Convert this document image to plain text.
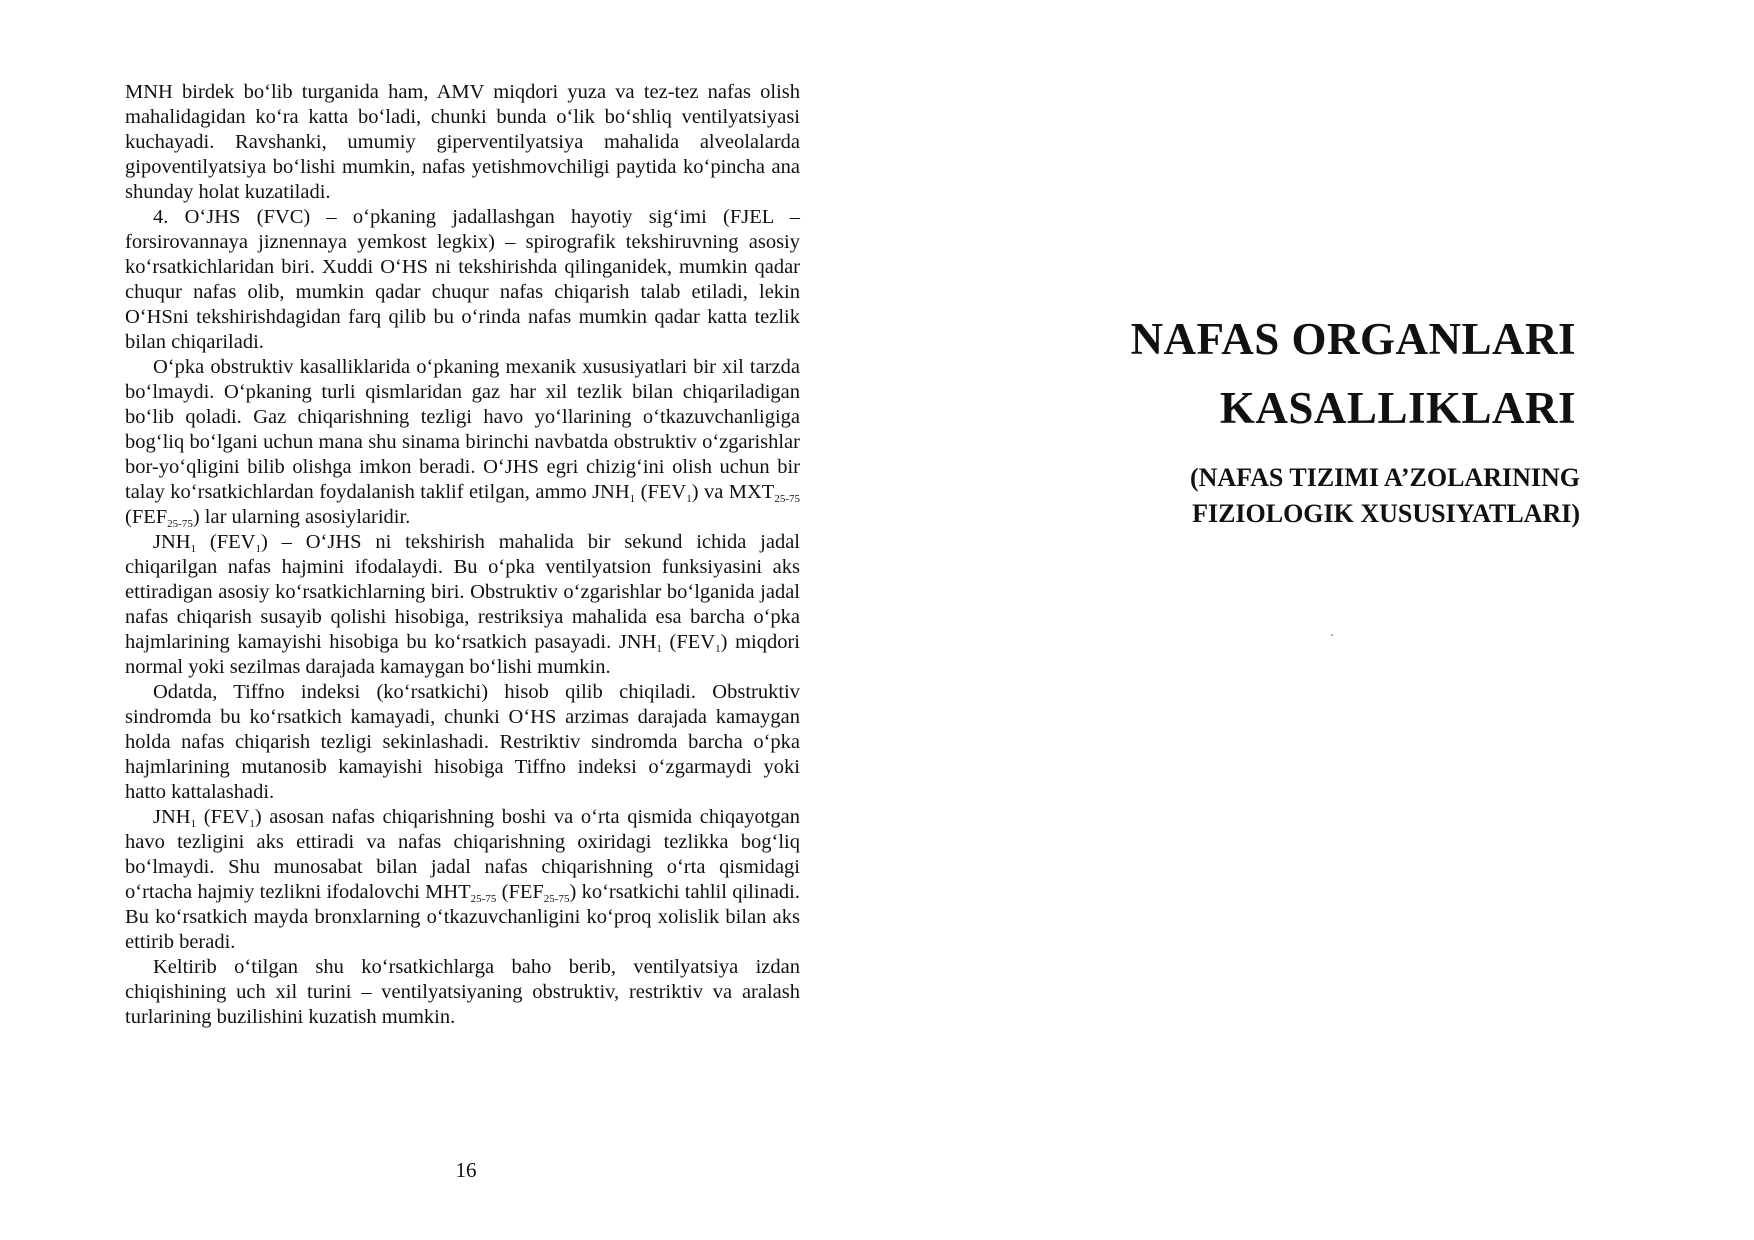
MNH birdek bo‘lib turganida ham, AMV miqdori yuza va tez-tez nafas olish mahalidagidan ko‘ra katta bo‘ladi, chunki bunda o‘lik bo‘shliq ventilyatsiyasi kuchayadi. Ravshanki, umumiy giperventilyatsiya mahalida alveolalarda gipoventilyatsiya bo‘lishi mumkin, nafas yetishmovchiligi paytida ko‘pincha ana shunday holat kuzatiladi.

4. O‘JHS (FVC) – o‘pkaning jadallashgan hayotiy sig‘imi (FJEL – forsirovannaya jiznennaya yemkost legkix) – spirografik tekshiruvning asosiy ko‘rsatkichlaridan biri. Xuddi O‘HS ni tekshirishda qilinganidek, mumkin qadar chuqur nafas olib, mumkin qadar chuqur nafas chiqarish talab etiladi, lekin O‘HSni tekshirishdagidan farq qilib bu o‘rinda nafas mumkin qadar katta tezlik bilan chiqariladi.

O‘pka obstruktiv kasalliklarida o‘pkaning mexanik xususiyatlari bir xil tarzda bo‘lmaydi. O‘pkaning turli qismlaridan gaz har xil tezlik bilan chiqariladigan bo‘lib qoladi. Gaz chiqarishning tezligi havo yo‘llarining o‘tkazuvchanligiga bog‘liq bo‘lgani uchun mana shu sinama birinchi navbatda obstruktiv o‘zgarishlar bor-yo‘qligini bilib olishga imkon beradi. O‘JHS egri chizig‘ini olish uchun bir talay ko‘rsatkichlardan foydalanish taklif etilgan, ammo $JNH_1$ $(FEV_1)$ va $MXT_{25-75}$ $(FEF_{25-75})$ lar ularning asosiylaridir.

$JNH_1$ $(FEV_1)$ – O‘JHS ni tekshirish mahalida bir sekund ichida jadal chiqarilgan nafas hajmini ifodalaydi. Bu o‘pka ventilyatsion funksiyasini aks ettiradigan asosiy ko‘rsatkichlarning biri. Obstruktiv o‘zgarishlar bo‘lganida jadal nafas chiqarish susayib qolishi hisobiga, restriksiya mahalida esa barcha o‘pka hajmlarining kamayishi hisobiga bu ko‘rsatkich pasayadi. $JNH_1$ $(FEV_1)$ miqdori normal yoki sezilmas darajada kamaygan bo‘lishi mumkin.

Odatda, Tiffno indeksi (ko‘rsatkichi) hisob qilib chiqiladi. Obstruktiv sindromda bu ko‘rsatkich kamayadi, chunki O‘HS arzimas darajada kamaygan holda nafas chiqarish tezligi sekinlashadi. Restriktiv sindromda barcha o‘pka hajmlarining mutanosib kamayishi hisobiga Tiffno indeksi o‘zgarmaydi yoki hatto kattalashadi.

$JNH_1$ $(FEV_1)$ asosan nafas chiqarishning boshi va o‘rta qismida chiqayotgan havo tezligini aks ettiradi va nafas chiqarishning oxiridagi tezlikka bog‘liq bo‘lmaydi. Shu munosabat bilan jadal nafas chiqarishning o‘rta qismidagi o‘rtacha hajmiy tezlikni ifodalovchi $MHT_{25-75}$ $(FEF_{25-75})$ ko‘rsatkichi tahlil qilinadi. Bu ko‘rsatkich mayda bronxlarning o‘tkazuvchanligini ko‘proq xolislik bilan aks ettirib beradi.

Keltirib o‘tilgan shu ko‘rsatkichlarga baho berib, ventilyatsiya izdan chiqishining uch xil turini – ventilyatsiyaning obstruktiv, restriktiv va aralash turlarining buzilishini kuzatish mumkin.

16
NAFAS ORGANLARI
KASALLIKLARI
(NAFAS TIZIMI A’ZOLARINING
FIZIOLOGIK XUSUSIYATLARI)
